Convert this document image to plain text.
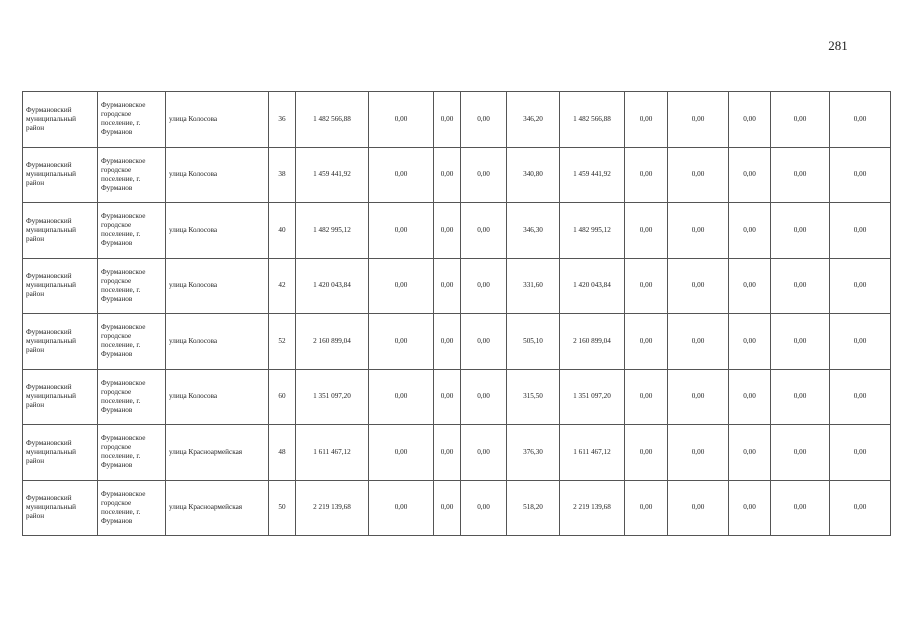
281
Фурмановский муниципальный район	Фурмановское городское поселение, г. Фурманов	улица Колосова	36	1 482 566,88	0,00	0,00	0,00	346,20	1 482 566,88	0,00	0,00	0,00	0,00	0,00
Фурмановский муниципальный район	Фурмановское городское поселение, г. Фурманов	улица Колосова	38	1 459 441,92	0,00	0,00	0,00	340,80	1 459 441,92	0,00	0,00	0,00	0,00	0,00
Фурмановский муниципальный район	Фурмановское городское поселение, г. Фурманов	улица Колосова	40	1 482 995,12	0,00	0,00	0,00	346,30	1 482 995,12	0,00	0,00	0,00	0,00	0,00
Фурмановский муниципальный район	Фурмановское городское поселение, г. Фурманов	улица Колосова	42	1 420 043,84	0,00	0,00	0,00	331,60	1 420 043,84	0,00	0,00	0,00	0,00	0,00
Фурмановский муниципальный район	Фурмановское городское поселение, г. Фурманов	улица Колосова	52	2 160 899,04	0,00	0,00	0,00	505,10	2 160 899,04	0,00	0,00	0,00	0,00	0,00
Фурмановский муниципальный район	Фурмановское городское поселение, г. Фурманов	улица Колосова	60	1 351 097,20	0,00	0,00	0,00	315,50	1 351 097,20	0,00	0,00	0,00	0,00	0,00
Фурмановский муниципальный район	Фурмановское городское поселение, г. Фурманов	улица Красноармейская	48	1 611 467,12	0,00	0,00	0,00	376,30	1 611 467,12	0,00	0,00	0,00	0,00	0,00
Фурмановский муниципальный район	Фурмановское городское поселение, г. Фурманов	улица Красноармейская	50	2 219 139,68	0,00	0,00	0,00	518,20	2 219 139,68	0,00	0,00	0,00	0,00	0,00
